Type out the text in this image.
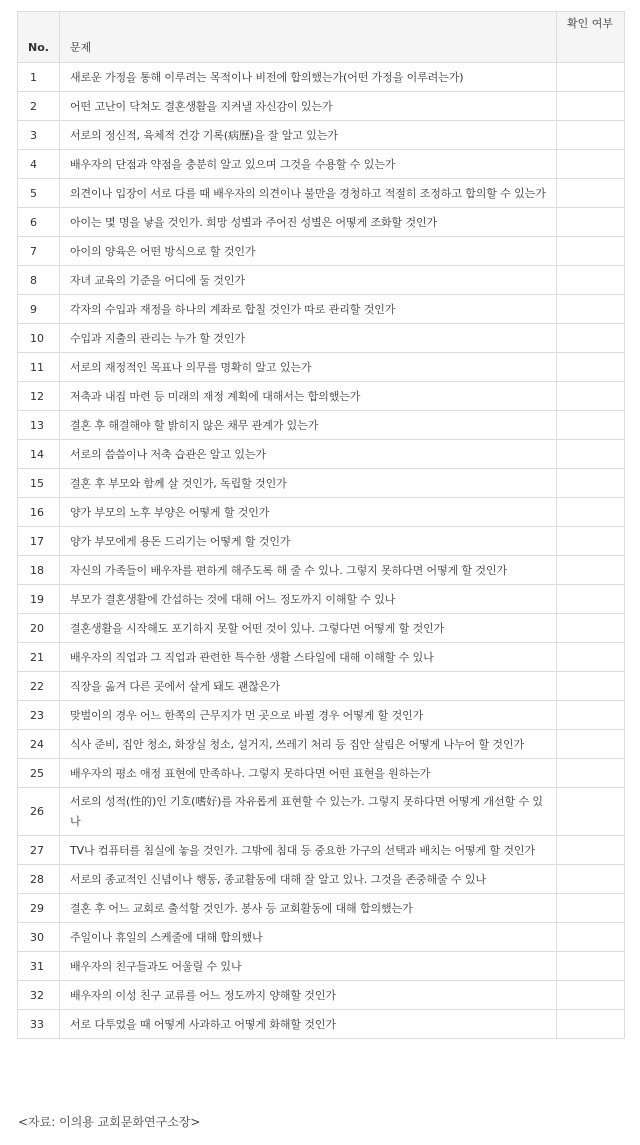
No.	문제	확인 여부
1	새로운 가정을 통해 이루려는 목적이나 비전에 합의했는가(어떤 가정을 이루려는가)	
2	어떤 고난이 닥쳐도 결혼생활을 지켜낼 자신감이 있는가	
3	서로의 정신적, 육체적 건강 기록(病歷)을 잘 알고 있는가	
4	배우자의 단점과 약점을 충분히 알고 있으며 그것을 수용할 수 있는가	
5	의견이나 입장이 서로 다를 때 배우자의 의견이나 불만을 경청하고 적절히 조정하고 합의할 수 있는가	
6	아이는 몇 명을 낳을 것인가. 희망 성별과 주어진 성별은 어떻게 조화할 것인가	
7	아이의 양육은 어떤 방식으로 할 것인가	
8	자녀 교육의 기준을 어디에 둘 것인가	
9	각자의 수입과 재정을 하나의 계좌로 합칠 것인가 따로 관리할 것인가	
10	수입과 지출의 관리는 누가 할 것인가	
11	서로의 재정적인 목표나 의무를 명확히 알고 있는가	
12	저축과 내집 마련 등 미래의 재정 계획에 대해서는 합의했는가	
13	결혼 후 해결해야 할 밝히지 않은 채무 관계가 있는가	
14	서로의 씀씀이나 저축 습관은 알고 있는가	
15	결혼 후 부모와 함께 살 것인가, 독립할 것인가	
16	양가 부모의 노후 부양은 어떻게 할 것인가	
17	양가 부모에게 용돈 드리기는 어떻게 할 것인가	
18	자신의 가족들이 배우자를 편하게 해주도록 해 줄 수 있나. 그렇지 못하다면 어떻게 할 것인가	
19	부모가 결혼생활에 간섭하는 것에 대해 어느 정도까지 이해할 수 있나	
20	결혼생활을 시작해도 포기하지 못할 어떤 것이 있나. 그렇다면 어떻게 할 것인가	
21	배우자의 직업과 그 직업과 관련한 특수한 생활 스타일에 대해 이해할 수 있나	
22	직장을 옮겨 다른 곳에서 살게 돼도 괜찮은가	
23	맞벌이의 경우 어느 한쪽의 근무지가 먼 곳으로 바뀔 경우 어떻게 할 것인가	
24	식사 준비, 집안 청소, 화장실 청소, 설거지, 쓰레기 처리 등 집안 살림은 어떻게 나누어 할 것인가	
25	배우자의 평소 애정 표현에 만족하나. 그렇지 못하다면 어떤 표현을 원하는가	
26	서로의 성적(性的)인 기호(嗜好)를 자유롭게 표현할 수 있는가. 그렇지 못하다면 어떻게 개선할 수 있나	
27	TV나 컴퓨터를 침실에 놓을 것인가. 그밖에 침대 등 중요한 가구의 선택과 배치는 어떻게 할 것인가	
28	서로의 종교적인 신념이나 행동, 종교활동에 대해 잘 알고 있나. 그것을 존중해줄 수 있나	
29	결혼 후 어느 교회로 출석할 것인가. 봉사 등 교회활동에 대해 합의했는가	
30	주일이나 휴일의 스케줄에 대해 합의했나	
31	배우자의 친구들과도 어울릴 수 있나	
32	배우자의 이성 친구 교류를 어느 정도까지 양해할 것인가	
33	서로 다투었을 때 어떻게 사과하고 어떻게 화해할 것인가	

<자료: 이의용 교회문화연구소장>
